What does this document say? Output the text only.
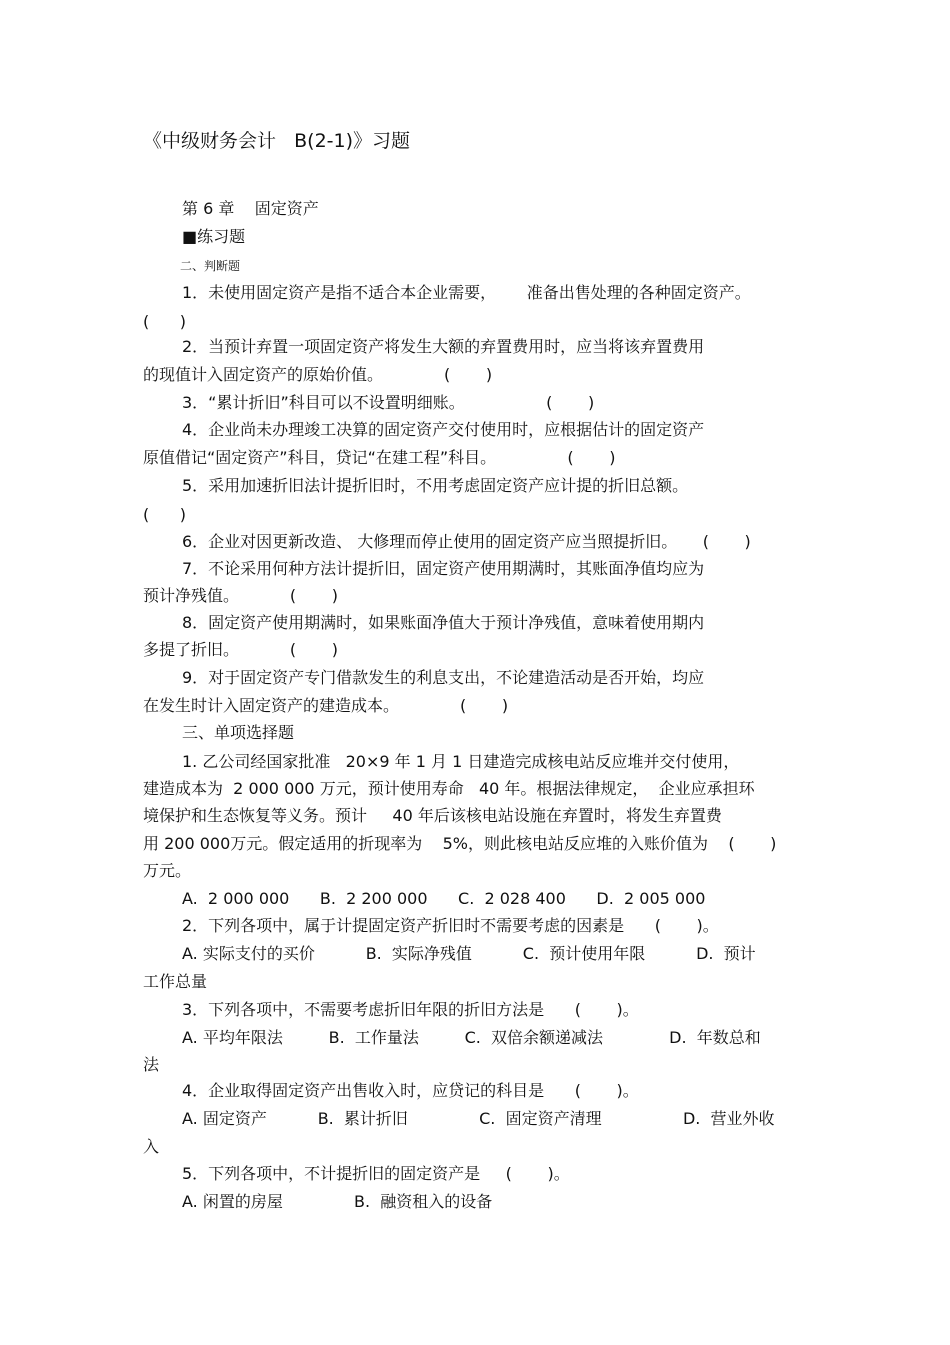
《中级财务会计   B(2-1)》习题
第 6 章    固定资产
■练习题
二、判断题
1．未使用固定资产是指不适合本企业需要，      准备出售处理的各种固定资产。
(      )
2．当预计弃置一项固定资产将发生大额的弃置费用时，应当将该弃置费用
的现值计入固定资产的原始价值。            (       )
3．“累计折旧”科目可以不设置明细账。                (       )
4．企业尚未办理竣工决算的固定资产交付使用时，应根据估计的固定资产
原值借记“固定资产”科目，贷记“在建工程”科目。              (       )
5．采用加速折旧法计提折旧时，不用考虑固定资产应计提的折旧总额。
(      )
6．企业对因更新改造、 大修理而停止使用的固定资产应当照提折旧。     (       )
7．不论采用何种方法计提折旧，固定资产使用期满时，其账面净值均应为
预计净残值。          (       )
8．固定资产使用期满时，如果账面净值大于预计净残值，意味着使用期内
多提了折旧。          (       )
9．对于固定资产专门借款发生的利息支出，不论建造活动是否开始，均应
在发生时计入固定资产的建造成本。            (       )
三、单项选择题
1. 乙公司经国家批准   20×9 年 1 月 1 日建造完成核电站反应堆并交付使用，
建造成本为  2 000 000 万元，预计使用寿命   40 年。根据法律规定，  企业应承担环
境保护和生态恢复等义务。预计     40 年后该核电站设施在弃置时，将发生弃置费
用 200 000万元。假定适用的折现率为    5%，则此核电站反应堆的入账价值为    (       )
万元。
A.  2 000 000      B.  2 200 000      C.  2 028 400      D.  2 005 000
2．下列各项中，属于计提固定资产折旧时不需要考虑的因素是      (       )。
A. 实际支付的买价          B.  实际净残值          C.  预计使用年限          D.  预计
工作总量
3．下列各项中，不需要考虑折旧年限的折旧方法是      (       )。
A. 平均年限法         B.  工作量法         C.  双倍余额递减法             D.  年数总和
法
4．企业取得固定资产出售收入时，应贷记的科目是      (       )。
A. 固定资产          B.  累计折旧              C.  固定资产清理                D.  营业外收
入
5．下列各项中，不计提折旧的固定资产是     (       )。
A. 闲置的房屋              B.  融资租入的设备
